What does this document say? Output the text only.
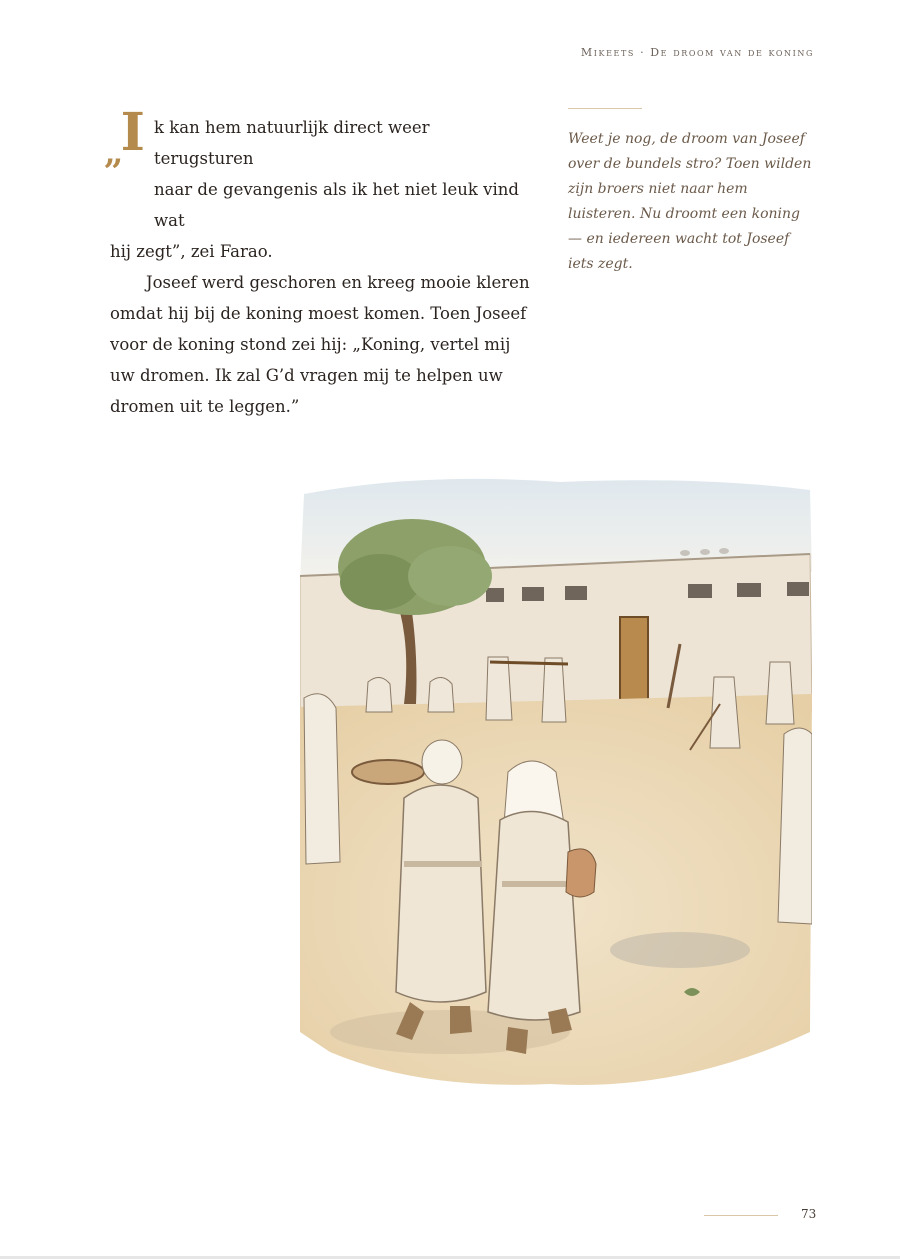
Mikeets · De droom van de koning

„I k kan hem natuurlijk direct weer terugsturen
naar de gevangenis als ik het niet leuk vind wat

hij zegt”, zei Farao.

Joseef werd geschoren en kreeg mooie kleren omdat hij bij de koning moest komen. Toen Joseef voor de koning stond zei hij: „Koning, vertel mij uw dromen. Ik zal G’d vragen mij te helpen uw dromen uit te leggen.”

Weet je nog, de droom van Joseef over de bundels stro? Toen wilden zijn broers niet naar hem luisteren. Nu droomt een koning — en iedereen wacht tot Joseef iets zegt.
73
